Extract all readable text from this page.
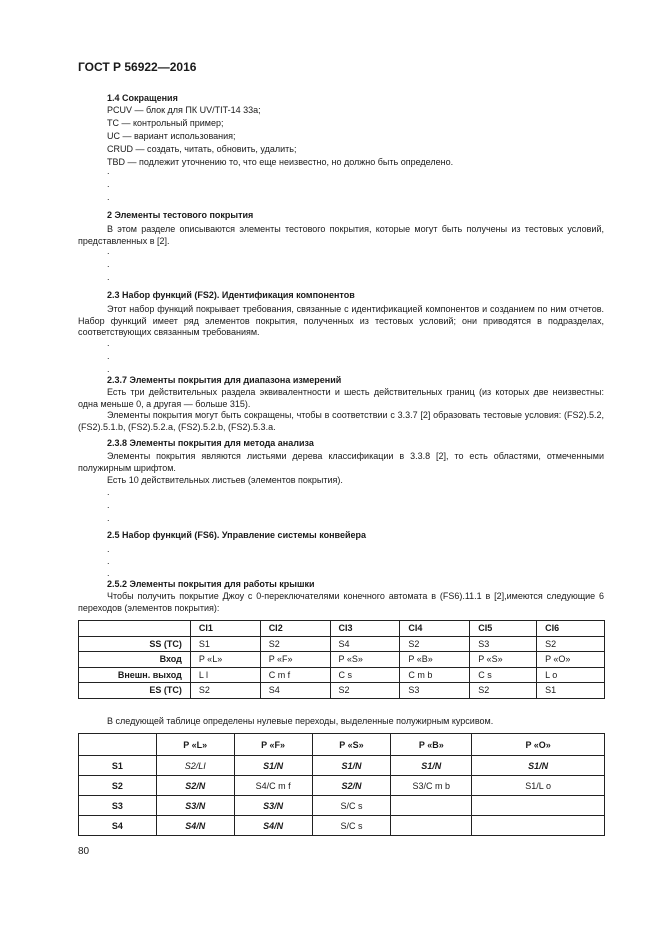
ГОСТ Р 56922—2016
1.4 Сокращения
PCUV — блок для ПК UV/TIT-14 33a;
TC — контрольный пример;
UC — вариант использования;
CRUD — создать, читать, обновить, удалить;
TBD — подлежит уточнению то, что еще неизвестно, но должно быть определено.
.
.
.
2 Элементы тестового покрытия
В этом разделе описываются элементы тестового покрытия, которые могут быть получены из тестовых условий, представленных в [2].
.
.
.
2.3 Набор функций (FS2). Идентификация компонентов
Этот набор функций покрывает требования, связанные с идентификацией компонентов и созданием по ним отчетов. Набор функций имеет ряд элементов покрытия, полученных из тестовых условий; они приводятся в подразделах, соответствующих связанным требованиям.
.
.
.
2.3.7 Элементы покрытия для диапазона измерений
Есть три действительных раздела эквивалентности и шесть действительных границ (из которых две неизвестны: одна меньше 0, а другая — больше 315).
Элементы покрытия могут быть сокращены, чтобы в соответствии с 3.3.7 [2] образовать тестовые условия: (FS2).5.2, (FS2).5.1.b, (FS2).5.2.a, (FS2).5.2.b, (FS2).5.3.a.
2.3.8 Элементы покрытия для метода анализа
Элементы покрытия являются листьями дерева классификации в 3.3.8 [2], то есть областями, отмеченными полужирным шрифтом.
Есть 10 действительных листьев (элементов покрытия).
.
.
.
2.5 Набор функций (FS6). Управление системы конвейера
.
.
.
2.5.2 Элементы покрытия для работы крышки
Чтобы получить покрытие Джоу с 0-переключателями конечного автомата в (FS6).11.1 в [2],имеются следующие 6 переходов (элементов покрытия):
	CI1	CI2	CI3	CI4	CI5	CI6
SS (TC)	S1	S2	S4	S2	S3	S2
Вход	P «L»	P «F»	P «S»	P «B»	P «S»	P «O»
Внешн. выход	L l	C m f	C s	C m b	C s	L o
ES (TC)	S2	S4	S2	S3	S2	S1
В следующей таблице определены нулевые переходы, выделенные полужирным курсивом.
	P «L»	P «F»	P «S»	P «B»	P «O»
S1	S2/LI	S1/N	S1/N	S1/N	S1/N
S2	S2/N	S4/C m f	S2/N	S3/C m b	S1/L o
S3	S3/N	S3/N	S/C s		
S4	S4/N	S4/N	S/C s		
80
